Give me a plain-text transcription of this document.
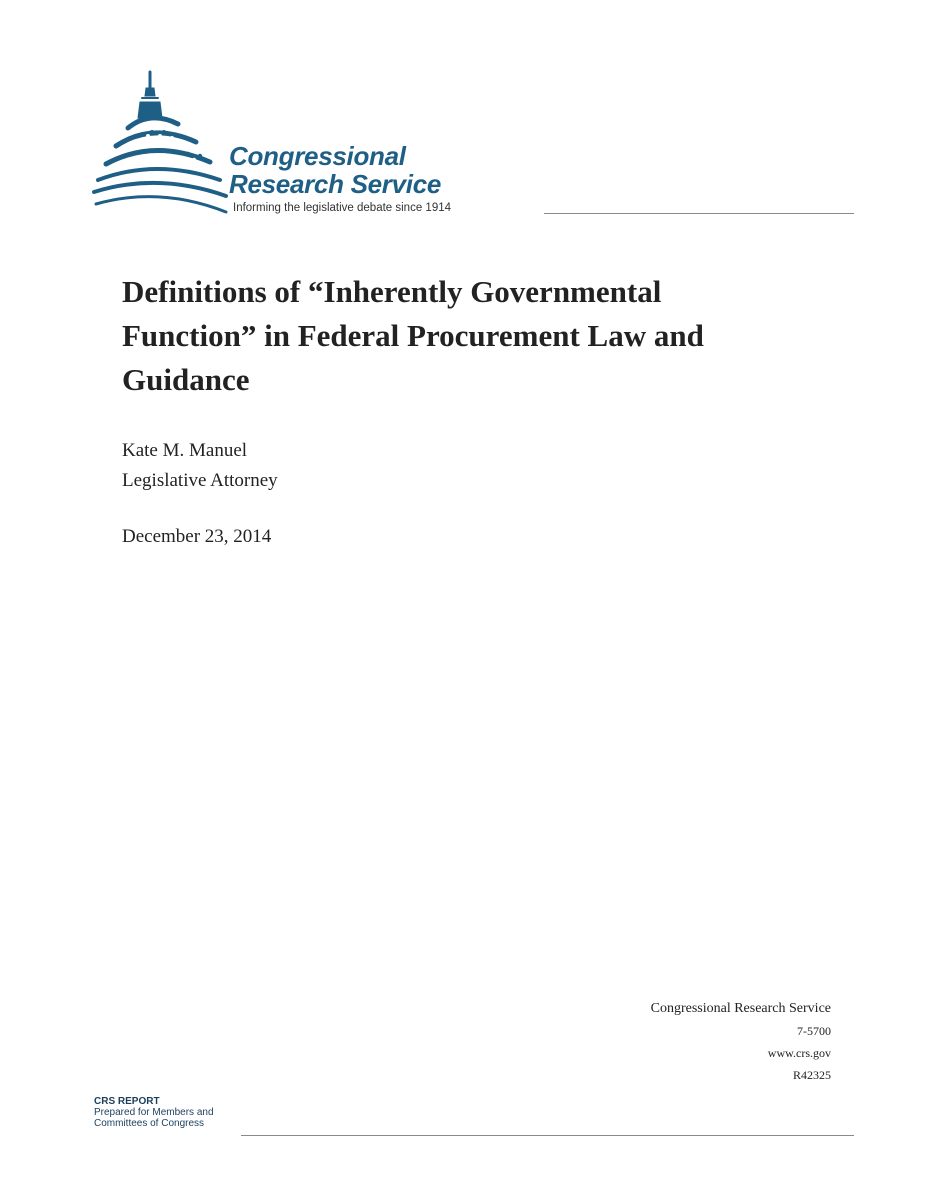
Congressional
Research Service
Informing the legislative debate since 1914
Definitions of “Inherently Governmental Function” in Federal Procurement Law and Guidance
Kate M. Manuel
Legislative Attorney
December 23, 2014
Congressional Research Service
7-5700
www.crs.gov
R42325
CRS REPORT
Prepared for Members and
Committees of Congress
